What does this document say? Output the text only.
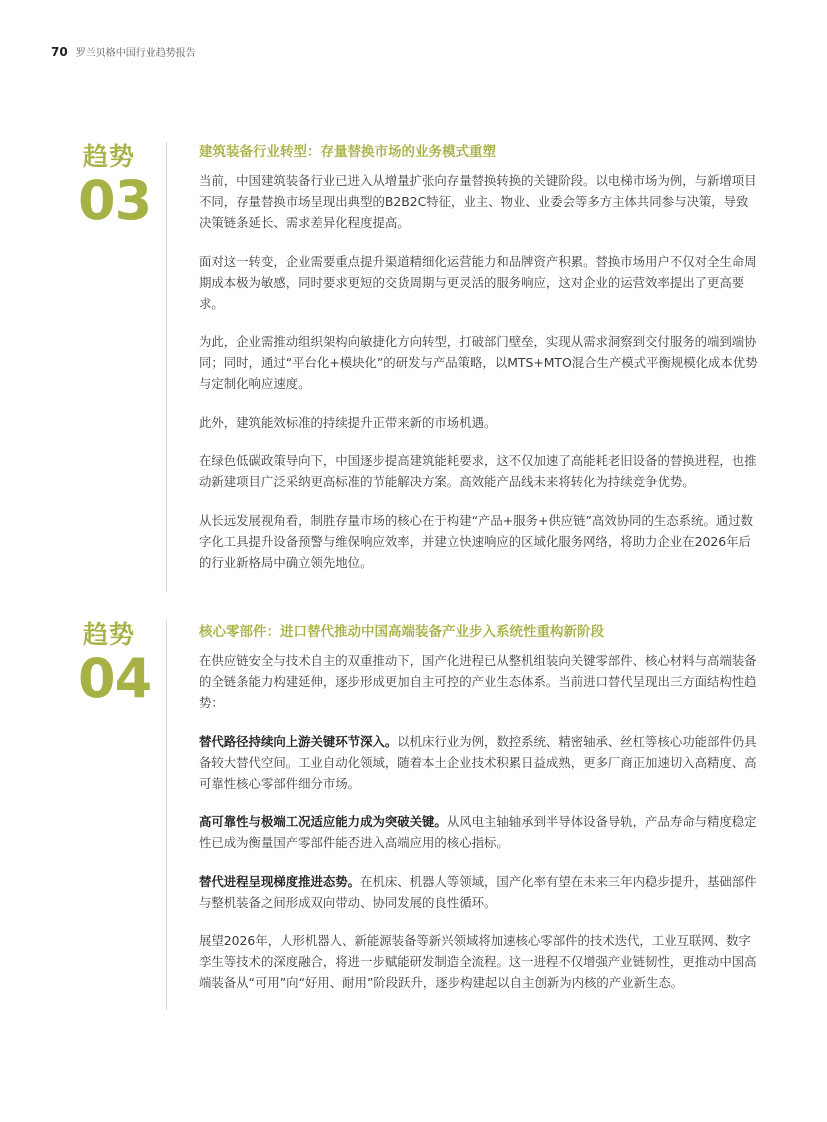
70 罗兰贝格中国行业趋势报告
趋势
03
建筑装备行业转型：存量替换市场的业务模式重塑

当前，中国建筑装备行业已进入从增量扩张向存量替换转换的关键阶段。以电梯市场为例，与新增项目不同，存量替换市场呈现出典型的B2B2C特征，业主、物业、业委会等多方主体共同参与决策，导致决策链条延长、需求差异化程度提高。

面对这一转变，企业需要重点提升渠道精细化运营能力和品牌资产积累。替换市场用户不仅对全生命周期成本极为敏感，同时要求更短的交货周期与更灵活的服务响应，这对企业的运营效率提出了更高要求。

为此，企业需推动组织架构向敏捷化方向转型，打破部门壁垒，实现从需求洞察到交付服务的端到端协同；同时，通过“平台化+模块化”的研发与产品策略，以MTS+MTO混合生产模式平衡规模化成本优势与定制化响应速度。

此外，建筑能效标准的持续提升正带来新的市场机遇。

在绿色低碳政策导向下，中国逐步提高建筑能耗要求，这不仅加速了高能耗老旧设备的替换进程，也推动新建项目广泛采纳更高标准的节能解决方案。高效能产品线未来将转化为持续竞争优势。

从长远发展视角看，制胜存量市场的核心在于构建“产品+服务+供应链”高效协同的生态系统。通过数字化工具提升设备预警与维保响应效率，并建立快速响应的区域化服务网络，将助力企业在2026年后的行业新格局中确立领先地位。

趋势
04
核心零部件：进口替代推动中国高端装备产业步入系统性重构新阶段

在供应链安全与技术自主的双重推动下，国产化进程已从整机组装向关键零部件、核心材料与高端装备的全链条能力构建延伸，逐步形成更加自主可控的产业生态体系。当前进口替代呈现出三方面结构性趋势：

替代路径持续向上游关键环节深入。以机床行业为例，数控系统、精密轴承、丝杠等核心功能部件仍具备较大替代空间。工业自动化领域，随着本土企业技术积累日益成熟，更多厂商正加速切入高精度、高可靠性核心零部件细分市场。

高可靠性与极端工况适应能力成为突破关键。从风电主轴轴承到半导体设备导轨，产品寿命与精度稳定性已成为衡量国产零部件能否进入高端应用的核心指标。

替代进程呈现梯度推进态势。在机床、机器人等领域，国产化率有望在未来三年内稳步提升，基础部件与整机装备之间形成双向带动、协同发展的良性循环。

展望2026年，人形机器人、新能源装备等新兴领域将加速核心零部件的技术迭代，工业互联网、数字孪生等技术的深度融合，将进一步赋能研发制造全流程。这一进程不仅增强产业链韧性，更推动中国高端装备从“可用”向“好用、耐用”阶段跃升，逐步构建起以自主创新为内核的产业新生态。
